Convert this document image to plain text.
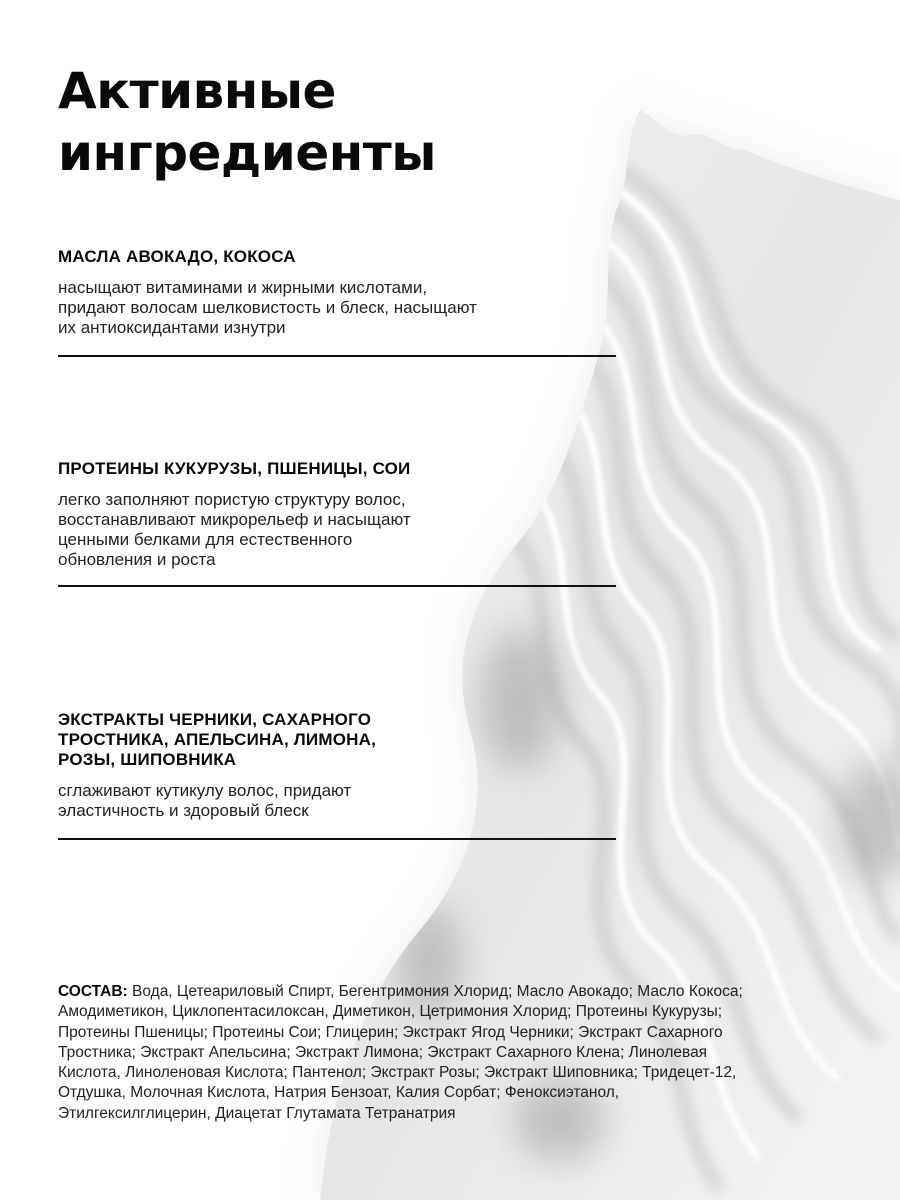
Активные
ингредиенты

МАСЛА АВОКАДО, КОКОСА

насыщают витаминами и жирными кислотами,
придают волосам шелковистость и блеск, насыщают
их антиоксидантами изнутри

ПРОТЕИНЫ КУКУРУЗЫ, ПШЕНИЦЫ, СОИ

легко заполняют пористую структуру волос,
восстанавливают микрорельеф и насыщают
ценными белками для естественного
обновления и роста

ЭКСТРАКТЫ ЧЕРНИКИ, САХАРНОГО
ТРОСТНИКА, АПЕЛЬСИНА, ЛИМОНА,
РОЗЫ, ШИПОВНИКА

сглаживают кутикулу волос, придают
эластичность и здоровый блеск

СОСТАВ: Вода, Цетеариловый Спирт, Бегентримония Хлорид; Масло Авокадо; Масло Кокоса;
Амодиметикон, Циклопентасилоксан, Диметикон, Цетримония Хлорид; Протеины Кукурузы;
Протеины Пшеницы; Протеины Сои; Глицерин; Экстракт Ягод Черники; Экстракт Сахарного
Тростника; Экстракт Апельсина; Экстракт Лимона; Экстракт Сахарного Клена; Линолевая
Кислота, Линоленовая Кислота; Пантенол; Экстракт Розы; Экстракт Шиповника; Тридецет-12,
Отдушка, Молочная Кислота, Натрия Бензоат, Калия Сорбат; Феноксиэтанол,
Этилгексилглицерин, Диацетат Глутамата Тетранатрия
